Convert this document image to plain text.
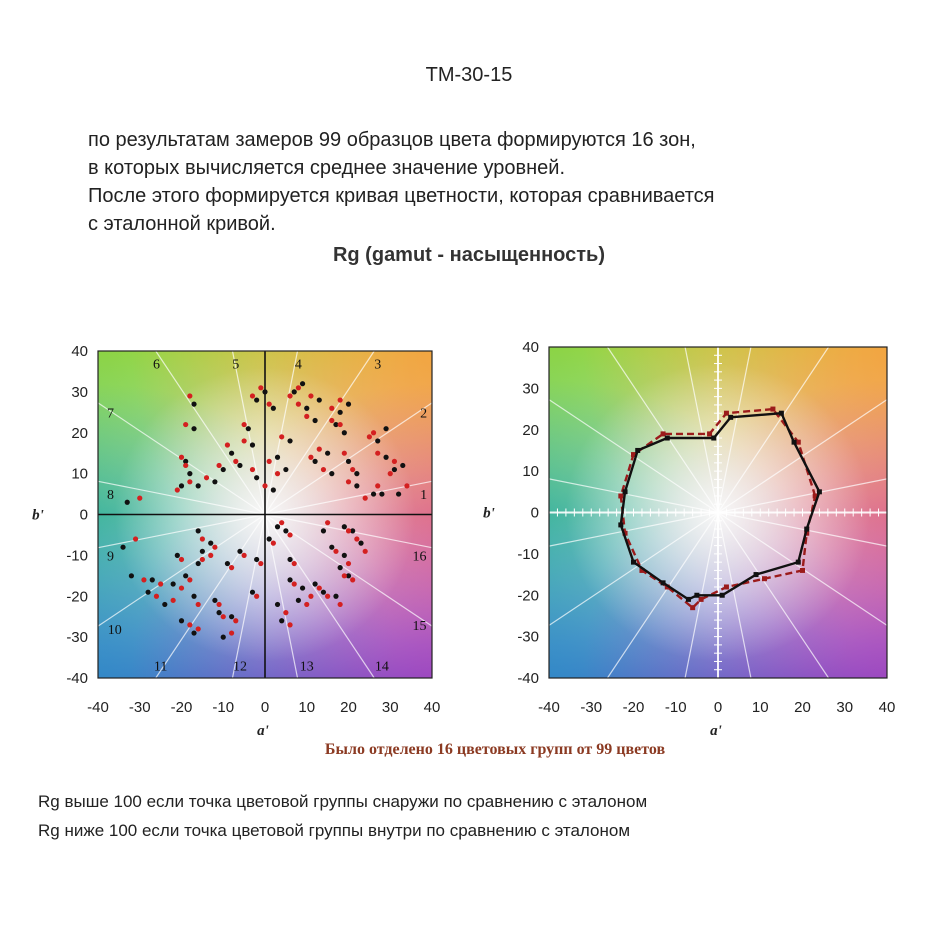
TM-30-15
по результатам замеров 99 образцов цвета формируются 16 зон,
в которых вычисляется среднее значение уровней.
После этого формируется кривая цветности, которая сравнивается
с эталонной кривой.
Rg (gamut - насыщенность)
-40 -30 -20 -10 0 10 20 30 40
40
30
20
10
0
-10
-20
-30
-40
a'
b'
1
2
3
4
5
6
7
8
9
10
11	12	13	14
15
16
-40 -30 -20 -10 0 10 20 30 40
40
30
20
10
0
-10
-20
-30
-40
a'
b'
Было отделено 16 цветовых групп от 99 цветов
Rg выше 100 если точка цветовой группы снаружи по сравнению с эталоном
Rg ниже 100 если точка цветовой группы внутри по сравнению с эталоном
